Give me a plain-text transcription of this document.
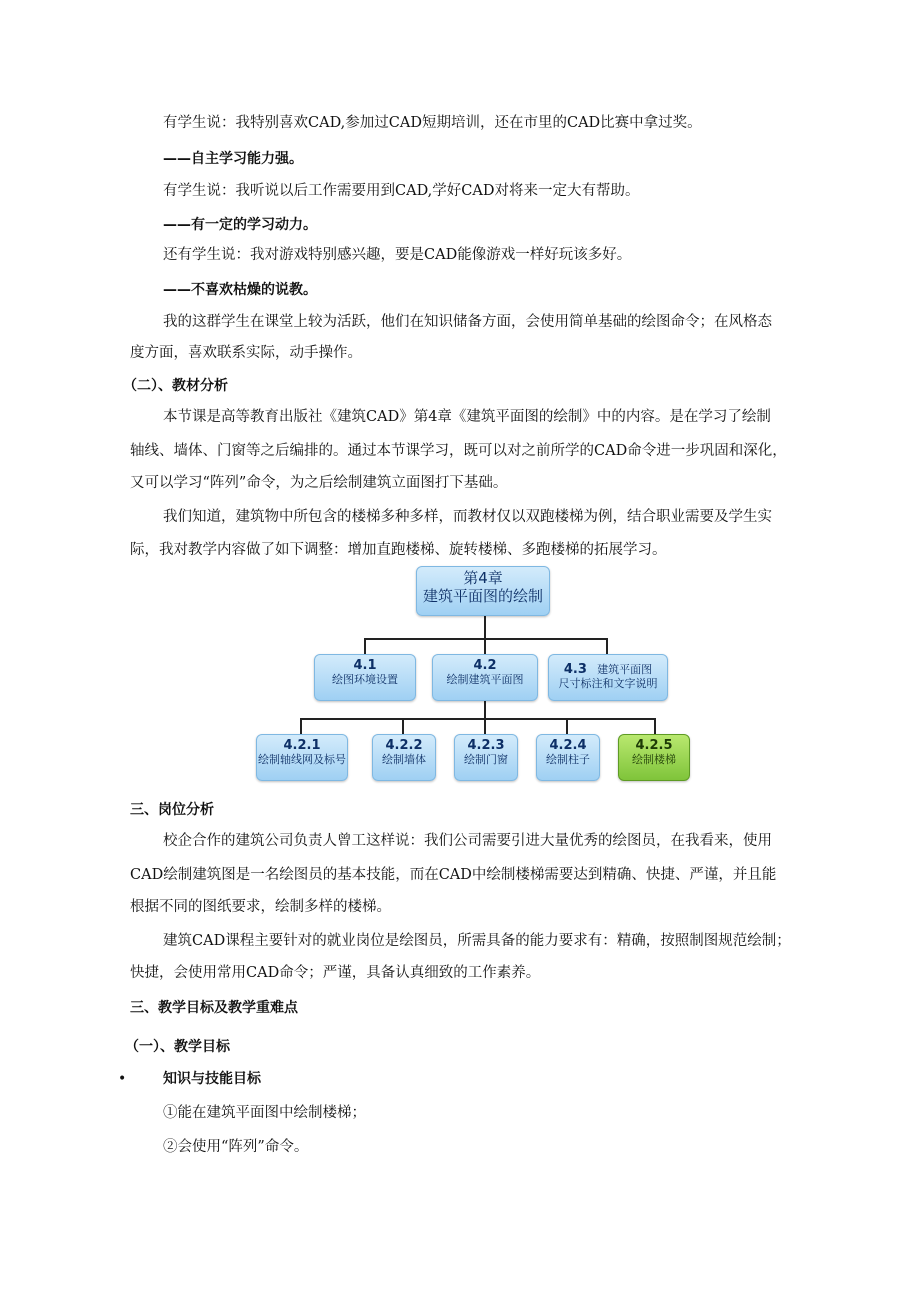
有学生说：我特别喜欢CAD,参加过CAD短期培训，还在市里的CAD比赛中拿过奖。
——自主学习能力强。
有学生说：我听说以后工作需要用到CAD,学好CAD对将来一定大有帮助。
——有一定的学习动力。
还有学生说：我对游戏特别感兴趣，要是CAD能像游戏一样好玩该多好。
——不喜欢枯燥的说教。
我的这群学生在课堂上较为活跃，他们在知识储备方面，会使用简单基础的绘图命令；在风格态
度方面，喜欢联系实际，动手操作。
（二）、教材分析
本节课是高等教育出版社《建筑CAD》第4章《建筑平面图的绘制》中的内容。是在学习了绘制
轴线、墙体、门窗等之后编排的。通过本节课学习，既可以对之前所学的CAD命令进一步巩固和深化，
又可以学习“阵列”命令，为之后绘制建筑立面图打下基础。
我们知道，建筑物中所包含的楼梯多种多样，而教材仅以双跑楼梯为例，结合职业需要及学生实
际，我对教学内容做了如下调整：增加直跑楼梯、旋转楼梯、多跑楼梯的拓展学习。
第4章
建筑平面图的绘制
4.1
绘图环境设置
4.2
绘制建筑平面图
4.3 建筑平面图
尺寸标注和文字说明
4.2.1
绘制轴线网及标号
4.2.2
绘制墙体
4.2.3
绘制门窗
4.2.4
绘制柱子
4.2.5
绘制楼梯
三、岗位分析
校企合作的建筑公司负责人曾工这样说：我们公司需要引进大量优秀的绘图员，在我看来，使用
CAD绘制建筑图是一名绘图员的基本技能，而在CAD中绘制楼梯需要达到精确、快捷、严谨，并且能
根据不同的图纸要求，绘制多样的楼梯。
建筑CAD课程主要针对的就业岗位是绘图员，所需具备的能力要求有：精确，按照制图规范绘制；
快捷，会使用常用CAD命令；严谨，具备认真细致的工作素养。
三、教学目标及教学重难点
（一）、教学目标
•	知识与技能目标
①能在建筑平面图中绘制楼梯；
②会使用“阵列”命令。
